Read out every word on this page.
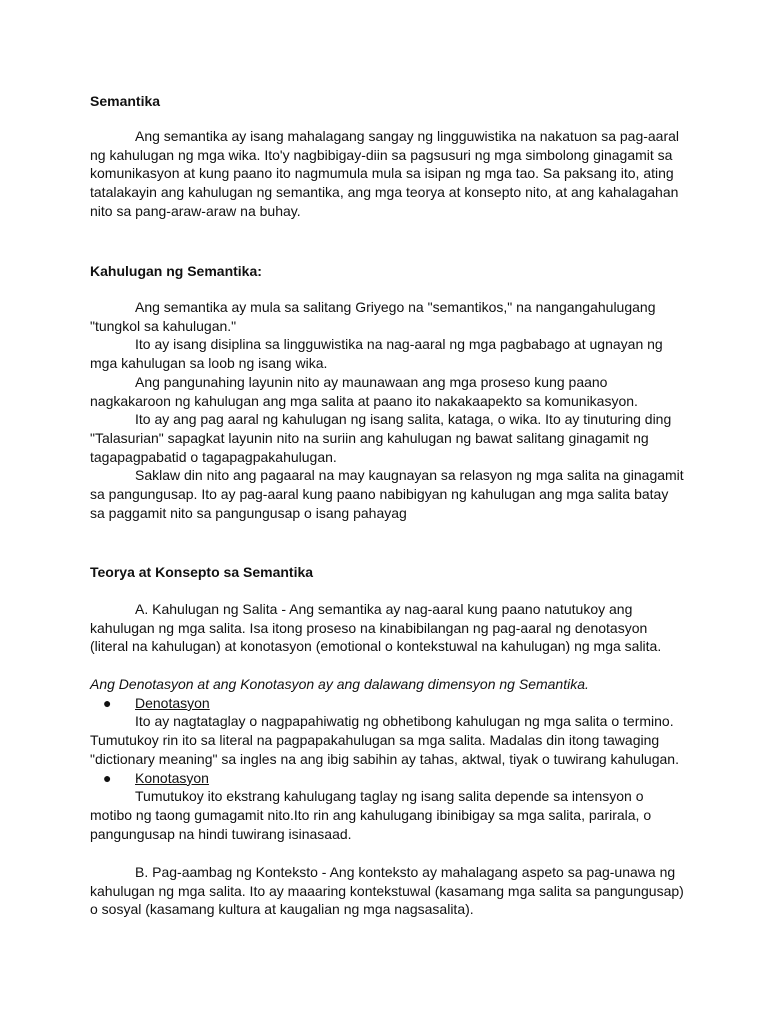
Semantika
Ang semantika ay isang mahalagang sangay ng lingguwistika na nakatuon sa pag-aaral
ng kahulugan ng mga wika. Ito'y nagbibigay-diin sa pagsusuri ng mga simbolong ginagamit sa
komunikasyon at kung paano ito nagmumula mula sa isipan ng mga tao. Sa paksang ito, ating
tatalakayin ang kahulugan ng semantika, ang mga teorya at konsepto nito, at ang kahalagahan
nito sa pang-araw-araw na buhay.
Kahulugan ng Semantika:
Ang semantika ay mula sa salitang Griyego na "semantikos," na nangangahulugang
"tungkol sa kahulugan."
Ito ay isang disiplina sa lingguwistika na nag-aaral ng mga pagbabago at ugnayan ng
mga kahulugan sa loob ng isang wika.
Ang pangunahing layunin nito ay maunawaan ang mga proseso kung paano
nagkakaroon ng kahulugan ang mga salita at paano ito nakakaapekto sa komunikasyon.
Ito ay ang pag aaral ng kahulugan ng isang salita, kataga, o wika. Ito ay tinuturing ding
"Talasurian" sapagkat layunin nito na suriin ang kahulugan ng bawat salitang ginagamit ng
tagapagpabatid o tagapagpakahulugan.
Saklaw din nito ang pagaaral na may kaugnayan sa relasyon ng mga salita na ginagamit
sa pangungusap. Ito ay pag-aaral kung paano nabibigyan ng kahulugan ang mga salita batay
sa paggamit nito sa pangungusap o isang pahayag
Teorya at Konsepto sa Semantika
A. Kahulugan ng Salita - Ang semantika ay nag-aaral kung paano natutukoy ang
kahulugan ng mga salita. Isa itong proseso na kinabibilangan ng pag-aaral ng denotasyon
(literal na kahulugan) at konotasyon (emotional o kontekstuwal na kahulugan) ng mga salita.
Ang Denotasyon at ang Konotasyon ay ang dalawang dimensyon ng Semantika.
● Denotasyon
Ito ay nagtataglay o nagpapahiwatig ng obhetibong kahulugan ng mga salita o termino.
Tumutukoy rin ito sa literal na pagpapakahulugan sa mga salita. Madalas din itong tawaging
"dictionary meaning" sa ingles na ang ibig sabihin ay tahas, aktwal, tiyak o tuwirang kahulugan.
● Konotasyon
Tumutukoy ito ekstrang kahulugang taglay ng isang salita depende sa intensyon o
motibo ng taong gumagamit nito.Ito rin ang kahulugang ibinibigay sa mga salita, parirala, o
pangungusap na hindi tuwirang isinasaad.
B. Pag-aambag ng Konteksto - Ang konteksto ay mahalagang aspeto sa pag-unawa ng
kahulugan ng mga salita. Ito ay maaaring kontekstuwal (kasamang mga salita sa pangungusap)
o sosyal (kasamang kultura at kaugalian ng mga nagsasalita).
